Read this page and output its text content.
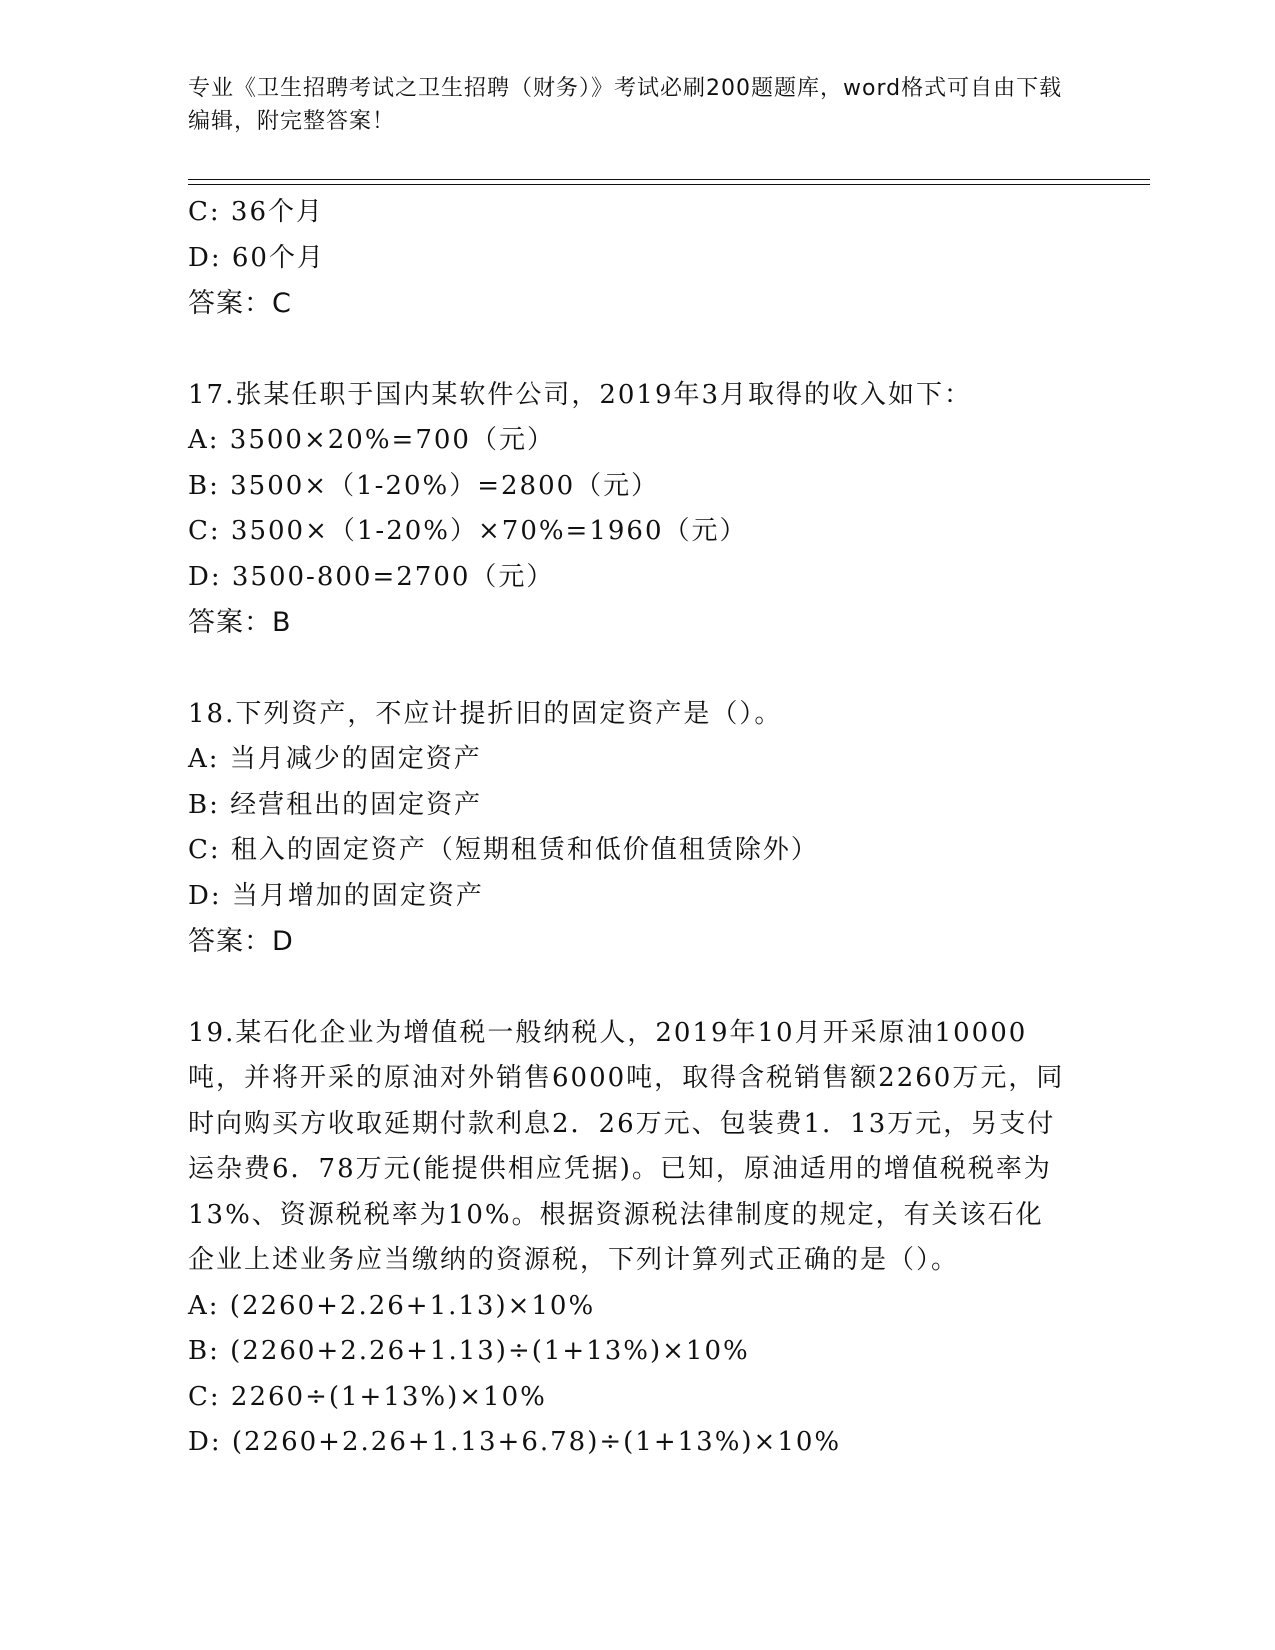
专业《卫生招聘考试之卫生招聘（财务）》考试必刷200题题库，word格式可自由下载编辑，附完整答案！
C: 36个月
D: 60个月
答案：C
17.张某任职于国内某软件公司，2019年3月取得的收入如下：
A: 3500×20%=700（元）
B: 3500×（1-20%）=2800（元）
C: 3500×（1-20%）×70%=1960（元）
D: 3500-800=2700（元）
答案：B
18.下列资产，不应计提折旧的固定资产是（）。
A: 当月减少的固定资产
B: 经营租出的固定资产
C: 租入的固定资产（短期租赁和低价值租赁除外）
D: 当月增加的固定资产
答案：D
19.某石化企业为增值税一般纳税人，2019年10月开采原油10000吨，并将开采的原油对外销售6000吨，取得含税销售额2260万元，同时向购买方收取延期付款利息2．26万元、包装费1．13万元，另支付运杂费6．78万元(能提供相应凭据)。已知，原油适用的增值税税率为13%、资源税税率为10%。根据资源税法律制度的规定，有关该石化企业上述业务应当缴纳的资源税，下列计算列式正确的是（）。
A: (2260+2.26+1.13)×10%
B: (2260+2.26+1.13)÷(1+13%)×10%
C: 2260÷(1+13%)×10%
D: (2260+2.26+1.13+6.78)÷(1+13%)×10%
